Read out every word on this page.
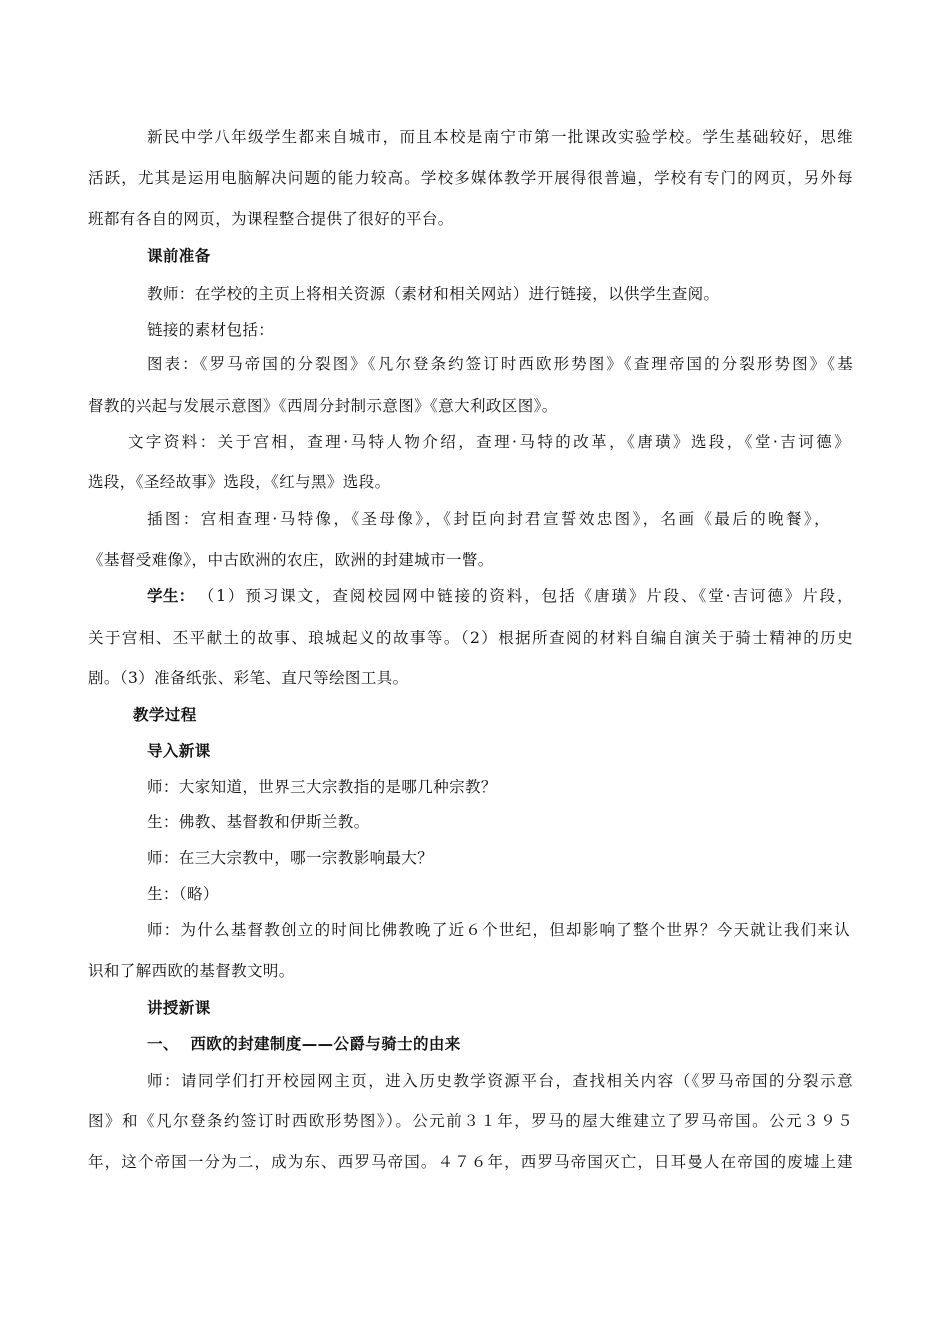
新民中学八年级学生都来自城市，而且本校是南宁市第一批课改实验学校。学生基础较好，思维
活跃，尤其是运用电脑解决问题的能力较高。学校多媒体教学开展得很普遍，学校有专门的网页，另外每
班都有各自的网页，为课程整合提供了很好的平台。
课前准备
教师：在学校的主页上将相关资源（素材和相关网站）进行链接，以供学生查阅。
链接的素材包括：
图表：《罗马帝国的分裂图》《凡尔登条约签订时西欧形势图》《查理帝国的分裂形势图》《基
督教的兴起与发展示意图》《西周分封制示意图》《意大利政区图》。
文字资料：关于宫相，查理·马特人物介绍，查理·马特的改革，《唐璜》选段，《堂·吉诃德》
选段，《圣经故事》选段，《红与黑》选段。
插图：宫相查理·马特像，《圣母像》，《封臣向封君宣誓效忠图》，名画《最后的晚餐》，
《基督受难像》，中古欧洲的农庄，欧洲的封建城市一瞥。
学生： （1）预习课文，查阅校园网中链接的资料，包括《唐璜》片段、《堂·吉诃德》片段，
关于宫相、丕平献土的故事、琅城起义的故事等。（2）根据所查阅的材料自编自演关于骑士精神的历史
剧。（3）准备纸张、彩笔、直尺等绘图工具。
教学过程
导入新课
师：大家知道，世界三大宗教指的是哪几种宗教？
生：佛教、基督教和伊斯兰教。
师：在三大宗教中，哪一宗教影响最大？
生：（略）
师：为什么基督教创立的时间比佛教晚了近６个世纪，但却影响了整个世界？今天就让我们来认
识和了解西欧的基督教文明。
讲授新课
一、  西欧的封建制度——公爵与骑士的由来
师：请同学们打开校园网主页，进入历史教学资源平台，查找相关内容（《罗马帝国的分裂示意
图》和《凡尔登条约签订时西欧形势图》）。公元前３１年，罗马的屋大维建立了罗马帝国。公元３９５
年，这个帝国一分为二，成为东、西罗马帝国。４７６年，西罗马帝国灭亡，日耳曼人在帝国的废墟上建
